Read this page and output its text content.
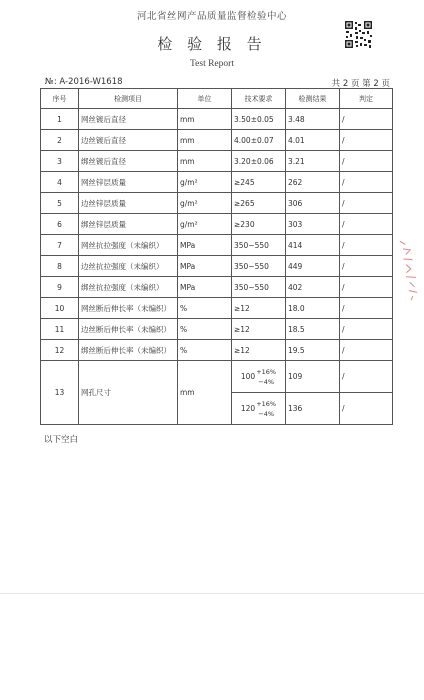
河北省丝网产品质量监督检验中心
检 验 报 告
Test Report
№: A-2016-W1618	共 2 页 第 2 页
序号	检测项目	单位	技术要求	检测结果	判定
1	网丝镀后直径	mm	3.50±0.05	3.48	/
2	边丝镀后直径	mm	4.00±0.07	4.01	/
3	绑丝镀后直径	mm	3.20±0.06	3.21	/
4	网丝锌层质量	g/m²	≥245	262	/
5	边丝锌层质量	g/m²	≥265	306	/
6	绑丝锌层质量	g/m²	≥230	303	/
7	网丝抗拉强度（未编织）	MPa	350~550	414	/
8	边丝抗拉强度（未编织）	MPa	350~550	449	/
9	绑丝抗拉强度（未编织）	MPa	350~550	402	/
10	网丝断后伸长率（未编织）	%	≥12	18.0	/
11	边丝断后伸长率（未编织）	%	≥12	18.5	/
12	绑丝断后伸长率（未编织）	%	≥12	19.5	/
13	网孔尺寸	mm	100
+16%
−4%	109	/

			120
+16%
−4%	136	/
以下空白
